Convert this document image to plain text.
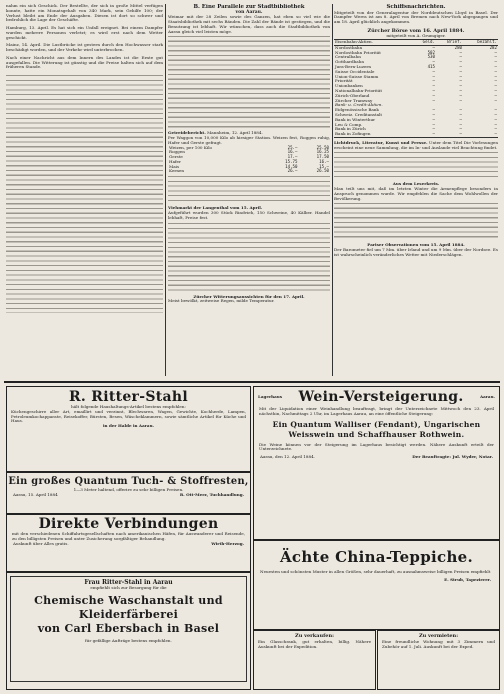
nahm ein sich Geschick. Der Bestellte, der sich in große Mittel verfügen konnte, hatte ein Monatsgehalt von 340 Mark, sein Gehilfe 100; der Verlust bleibt am Ende der Ausgaben. Diesen ist dort so schwer und bedrohlich die Lage der Geschäfte.
Hamburg, 13. April. Es hat sich ein Unfall ereignet. Bei einem Dampfer wurden mehrere Personen verletzt; es wird erst nach dem Wetter geschickt.
Mainz, 14. April. Die Lustbrücke ist gestern durch den Hochwasser stark beschädigt worden, und der Verkehr wird unterbrochen.
Nach einer Nachricht aus dem Innern des Landes ist die Ernte gut ausgefallen. Die Witterung ist günstig und die Preise halten sich auf dem früheren Stande.
B. Eine Parallele zur Stadtbibliothek
von Aarau.
Weimar mit der 28 Zeilen sowie des Ganzen, hat eben so viel wie die Staatsbibliothek mit sechs Bänden. Die Zahl der Bände ist gestiegen, und die Benutzung ist lebhaft. Wir wünschen, dass auch die Stadtbibliothek von Aarau gleich viel leisten möge.
Getreidebericht. Mannheim, 12. April 1884.
Per Waggon von 10,000 Kilo ab hiesiger Station. Weizen fest, Roggen ruhig, Hafer und Gerste gefragt.
Weizen, per 100 Kilo	25.—	25.50
Roggen	16.—	16.25
Gerste	17.—	17.50
Hafer	15.75	16.—
Mais	14.50	15.—
Kernen	26.—	26.50
Viehmarkt der Langenthal vom 15. April.
Aufgeführt wurden 300 Stück Rindvieh, 150 Schweine, 40 Kälber. Handel lebhaft, Preise fest.
Zürcher Witterungsaussichten für den 17. April.
Meist bewölkt, zeitweise Regen, milde Temperatur.
Schiffsnachrichten.
Mitgeteilt von der Generalagentur der Norddeutschen Lloyd in Basel. Der Dampfer Werra ist am 8. April von Bremen nach New-York abgegangen und am 18. April glücklich angekommen.
Zürcher Börse vom 16. April 1884.
mitgeteilt von A. Grumgiger.
Eisenbahn-Aktien.	Geld.	Brief.	bezahlt.
Nordostbahn	—	280	282
Nordostbahn Priorität	502	—	—
Centralbahn	530	—	—
Gotthardbahn	—	—	—
Jura-Bern-Luzern	415	—	—
Suisse Occidentale	—	—	—
Union-Suisse Stamm	—	—	—
Priorität	—	—	—
Unionbanken	—	—	—
Nationalbahn-Priorität	—	—	—
Zürich-Oberland	—	—	—
Zürcher Tramway	—	—	—
Bank- u. Credit-Aktien.			
Eidgenössische Bank	—	—	—
Schweiz. Creditanstalt	—	—	—
Bank in Winterthur	—	—	—
Leu & Comp.	—	—	—
Bank in Zürich	—	—	—
Bank in Zofingen	—	—	—
Lichtdruck, Literatur, Kunst und Presse. Unter dem Titel Die Vorlesungen erscheint eine neue Sammlung, die im In- und Auslande viel Beachtung findet.
Aus dem Leserkreis.
Man teilt uns mit, daß im letzten Winter die Armenpflege besonders in Anspruch genommen wurde. Wir empfehlen die Sache dem Wohlwollen der Bevölkerung.
Pariser Observationen vom 15. April 1884.
Der Barometer fiel um 7 Mm. über Irland und um 9 Mm. über der Nordsee. Es ist wahrscheinlich veränderliches Wetter mit Niederschlägen.
R. Ritter-Stahl
hält folgende Haushaltungs-Artikel bestens empfohlen:
Küchengeschirre aller Art, emaillirt und verzinnt, Blechwaren, Wagen, Gewichte, Kochherde, Lampen, Petroleumkochapparate, Reisekoffer, Bürsten, Besen, Wäscheklammern, sowie sämtliche Artikel für Küche und Haus.
in der Halde in Aarau.
Ein großes Quantum Tuch- & Stoffresten,
1—3 Meter haltend, offerire zu sehr billigen Preisen.
Aarau, 15. April 1884	R. Ott-Merz, Tuchhandlung.
Direkte Verbindungen
mit den verschiedenen Schiffahrtsgesellschaften nach amerikanischen Häfen, für Auswanderer und Reisende, zu den billigsten Preisen und unter Zusicherung sorgfältiger Behandlung.
Auskunft über Alles gratis.	Wirth-Herzog.
Frau Ritter-Stahl in Aarau
empfiehlt sich zur Besorgung für die
Chemische Waschanstalt und Kleiderfärberei
von Carl Ebersbach in Basel
für gefällige Aufträge bestens empfohlen.
Lagerhaus Wein-Versteigerung.	Aarau.
Mit der Liquidation einer Weinhandlung beauftragt, bringt der Unterzeichnete Mittwoch den 23. April nächsthin, Nachmittags 2 Uhr, im Lagerhaus Aarau, an eine öffentliche Steigerung:
Ein Quantum Walliser (Fendant), Ungarischen Weisswein und Schaffhauser Rothwein.
Die Weine können vor der Steigerung im Lagerhaus besichtigt werden. Nähere Auskunft erteilt der Unterzeichnete.
Aarau, den 12. April 1884.	Der Beauftragte: Jul. Wyder, Notar.
Ächte China-Teppiche.
Neuesten und schönsten Muster in allen Größen, sehr dauerhaft, zu ausnahmsweise billigen Preisen empfiehlt
E. Strub, Tapezierer.
Zu verkaufen:
Ein Glasschrank, gut erhalten, billig. Nähere Auskunft bei der Expedition.
Zu vermieten:
Eine freundliche Wohnung mit 3 Zimmern und Zubehör auf 1. Juli. Auskunft bei der Exped.
